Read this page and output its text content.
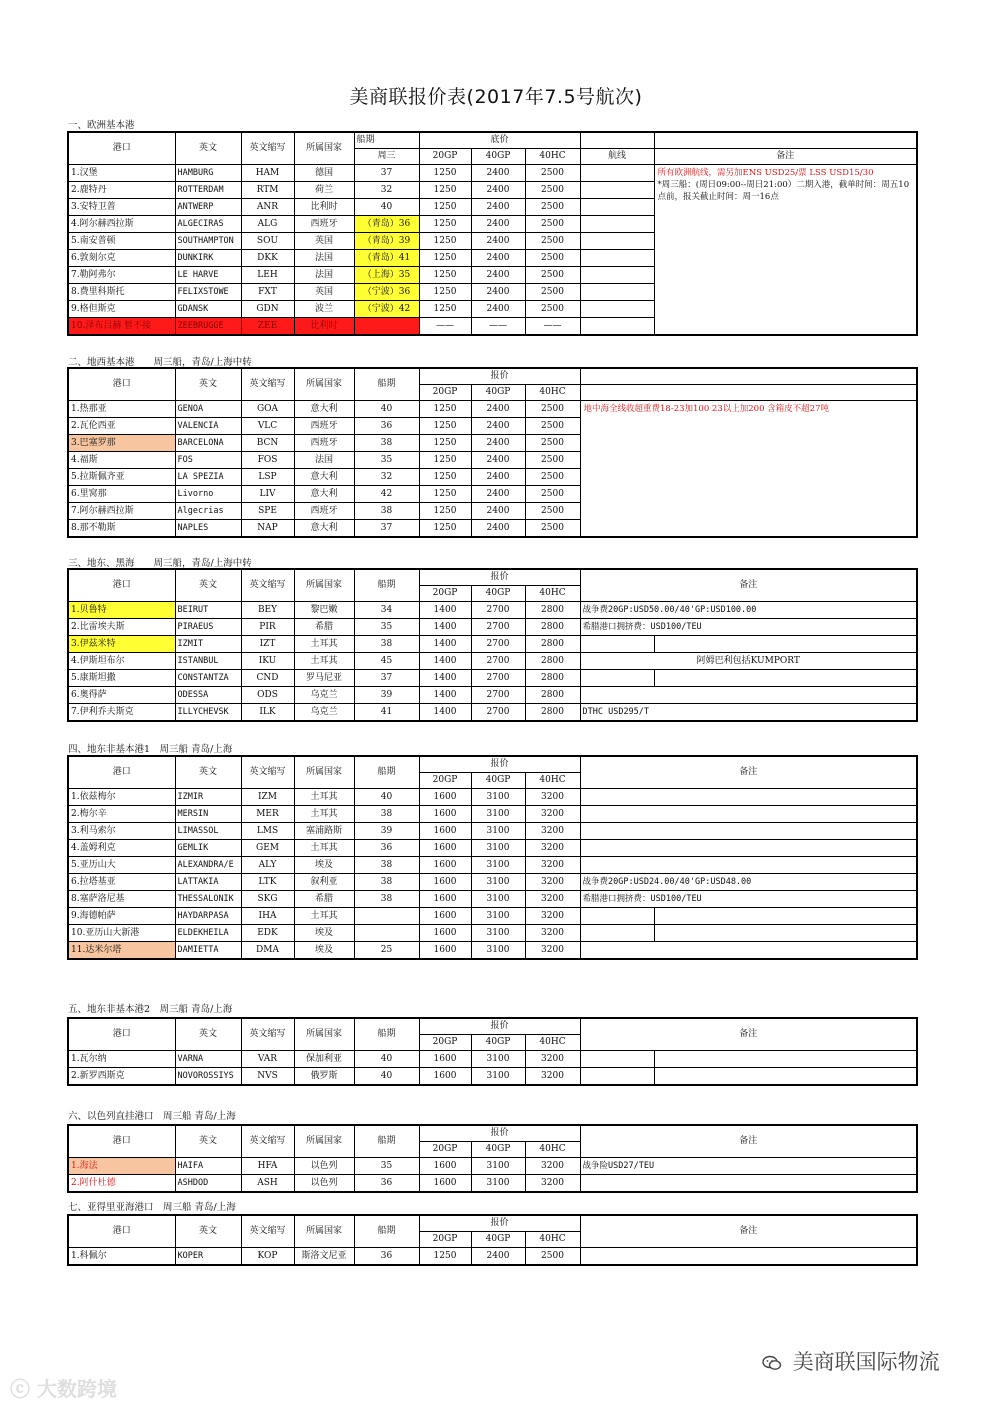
美商联报价表(2017年7.5号航次)
一、欧洲基本港
港口	英文	英文缩写	所属国家	船期	底价				
				周三	20GP	40GP	40HC	航线	备注
1.汉堡	HAMBURG	HAM	德国	37	1250	2400	2500		所有欧洲航线，需另加ENS USD25/票 LSS USD15/30
*周三船：(周日09:00--周日21:00）二期入港，截单时间：周五10点前，报关截止时间：周一16点

2.鹿特丹	ROTTERDAM	RTM	荷兰	32	1250	2400	2500		
3.安特卫普	ANTWERP	ANR	比利时	40	1250	2400	2500		
4.阿尔赫西拉斯	ALGECIRAS	ALG	西班牙	（青岛）36	1250	2400	2500		
5.南安普顿	SOUTHAMPTON	SOU	英国	（青岛）39	1250	2400	2500		
6.敦刻尔克	DUNKIRK	DKK	法国	（青岛）41	1250	2400	2500		
7.勒阿弗尔	LE HARVE	LEH	法国	（上海）35	1250	2400	2500		
8.费里科斯托	FELIXSTOWE	FXT	英国	（宁波）36	1250	2400	2500		
9.格但斯克	GDANSK	GDN	波兰	（宁波）42	1250	2400	2500		
10.泽布吕赫 暂不接	ZEEBRUGGE	ZEE	比利时		——	——	——		
二、地西基本港　　周三船，青岛/上海中转
港口	英文	英文缩写	所属国家	船期	报价			
					20GP	40GP	40HC	
1.热那亚	GENOA	GOA	意大利	40	1250	2400	2500	地中海全线收超重费18-23加100 23以上加200 含箱皮不超27吨
2.瓦伦西亚	VALENCIA	VLC	西班牙	36	1250	2400	2500	
3.巴塞罗那	BARCELONA	BCN	西班牙	38	1250	2400	2500	
4.福斯	FOS	FOS	法国	35	1250	2400	2500	
5.拉斯佩齐亚	LA SPEZIA	LSP	意大利	32	1250	2400	2500	
6.里窝那	Livorno	LIV	意大利	42	1250	2400	2500	
7.阿尔赫西拉斯	Algecrias	SPE	西班牙	38	1250	2400	2500	
8.那不勒斯	NAPLES	NAP	意大利	37	1250	2400	2500	
三、地东、黑海　　周三船，青岛/上海中转
港口	英文	英文缩写	所属国家	船期	报价			备注	
					20GP	40GP	40HC		
1.贝鲁特	BEIRUT	BEY	黎巴嫩	34	1400	2700	2800	战争费20GP:USD50.00/40'GP:USD100.00	
2.比雷埃夫斯	PIRAEUS	PIR	希腊	35	1400	2700	2800	希腊港口拥挤费：USD100/TEU	
3.伊兹米特	IZMIT	IZT	土耳其	38	1400	2700	2800		
4.伊斯坦布尔	ISTANBUL	IKU	土耳其	45	1400	2700	2800	阿姆巴利包括KUMPORT	
5.康斯坦撒	CONSTANTZA	CND	罗马尼亚	37	1400	2700	2800		
6.奥得萨	ODESSA	ODS	乌克兰	39	1400	2700	2800		
7.伊利乔夫斯克	ILLYCHEVSK	ILK	乌克兰	41	1400	2700	2800	DTHC USD295/T	
四、地东非基本港1　周三船 青岛/上海
港口	英文	英文缩写	所属国家	船期	报价			备注	
					20GP	40GP	40HC		
1.依兹梅尔	IZMIR	IZM	土耳其	40	1600	3100	3200		
2.梅尔辛	MERSIN	MER	土耳其	38	1600	3100	3200		
3.利马索尔	LIMASSOL	LMS	塞浦路斯	39	1600	3100	3200		
4.盖姆利克	GEMLIK	GEM	土耳其	36	1600	3100	3200		
5.亚历山大	ALEXANDRA/E	ALY	埃及	38	1600	3100	3200		
6.拉塔基亚	LATTAKIA	LTK	叙利亚	38	1600	3100	3200	战争费20GP:USD24.00/40'GP:USD48.00	
8.塞萨洛尼基	THESSALONIK	SKG	希腊	38	1600	3100	3200	希腊港口拥挤费：USD100/TEU	
9.海德帕萨	HAYDARPASA	IHA	土耳其		1600	3100	3200		
10.亚历山大新港	ELDEKHEILA	EDK	埃及		1600	3100	3200		
11.达米尔塔	DAMIETTA	DMA	埃及	25	1600	3100	3200		
五、地东非基本港2　周三船 青岛/上海
港口	英文	英文缩写	所属国家	船期	报价			备注	
					20GP	40GP	40HC		
1.瓦尔纳	VARNA	VAR	保加利亚	40	1600	3100	3200		
2.新罗西斯克	NOVOROSSIYS	NVS	俄罗斯	40	1600	3100	3200		
六、以色列直挂港口　周三船 青岛/上海
港口	英文	英文缩写	所属国家	船期	报价			备注
					20GP	40GP	40HC	
1.海法	HAIFA	HFA	以色列	35	1600	3100	3200	战争险USD27/TEU
2.阿什杜德	ASHDOD	ASH	以色列	36	1600	3100	3200	
七、亚得里亚海港口　周三船 青岛/上海
港口	英文	英文缩写	所属国家	船期	报价			备注
					20GP	40GP	40HC	
1.科佩尔	KOPER	KOP	斯洛文尼亚	36	1250	2400	2500	
ⓒ 大数跨境
美商联国际物流
